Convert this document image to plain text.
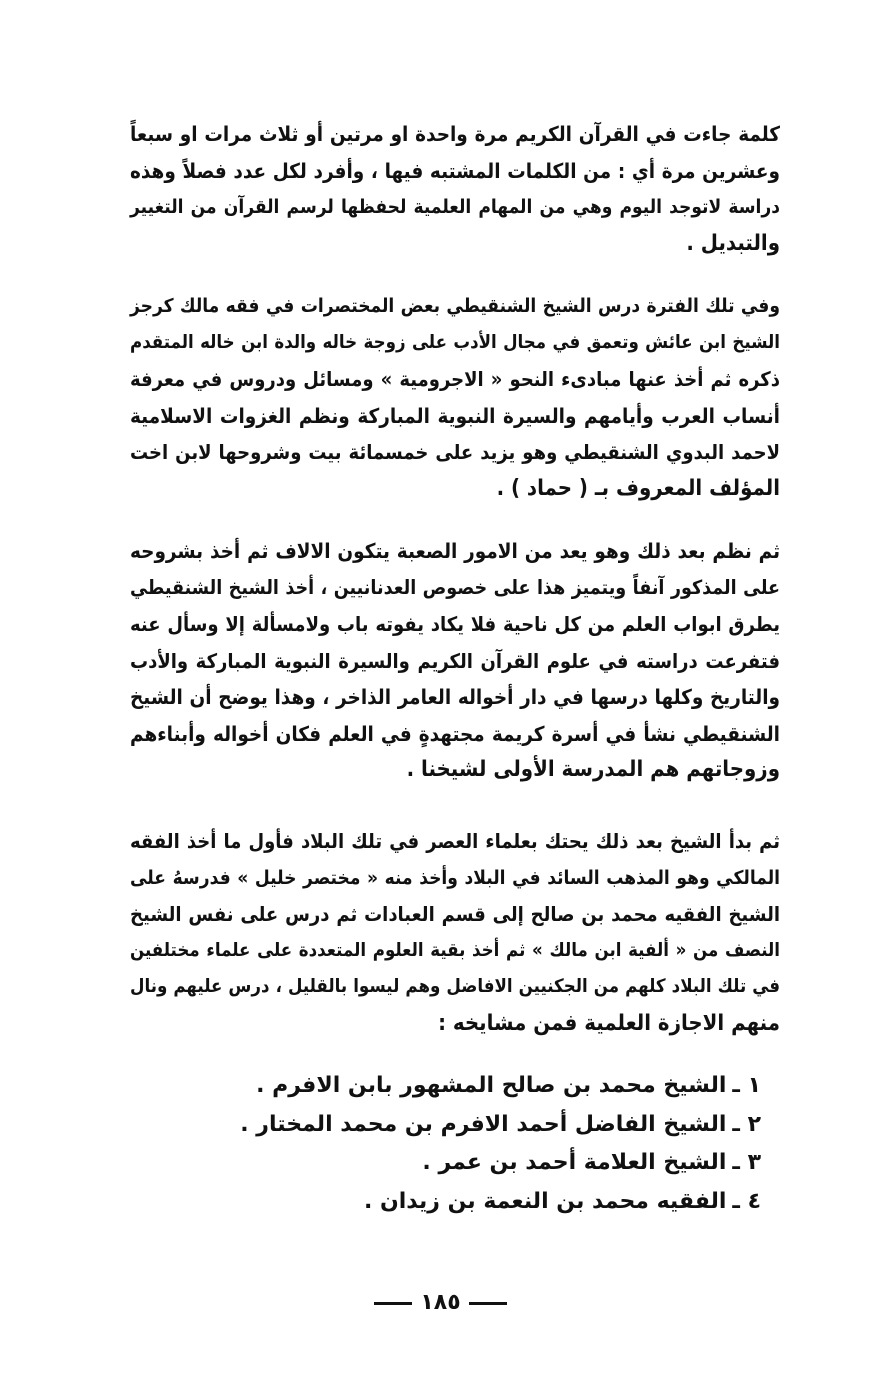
كلمة جاءت في القرآن الكريم مرة واحدة او مرتين أو ثلاث مرات او سبعاً
وعشرين مرة أي : من الكلمات المشتبه فيها ، وأفرد لكل عدد فصلاً وهذه
دراسة لاتوجد اليوم وهي من المهام العلمية لحفظها لرسم القرآن من التغيير
والتبديل .

وفي تلك الفترة درس الشيخ الشنقيطي بعض المختصرات في فقه مالك كرجز
الشيخ ابن عائش وتعمق في مجال الأدب على زوجة خاله والدة ابن خاله المتقدم
ذكره ثم أخذ عنها مبادىء النحو « الاجرومية » ومسائل ودروس في معرفة
أنساب العرب وأيامهم والسيرة النبوية المباركة ونظم الغزوات الاسلامية
لاحمد البدوي الشنقيطي وهو يزيد على خمسمائة بيت وشروحها لابن اخت
المؤلف المعروف بـ ( حماد ) .

ثم نظم بعد ذلك وهو يعد من الامور الصعبة يتكون الالاف ثم أخذ بشروحه
على المذكور آنفاً ويتميز هذا على خصوص العدنانيين ، أخذ الشيخ الشنقيطي
يطرق ابواب العلم من كل ناحية فلا يكاد يفوته باب ولامسألة إلا وسأل عنه
فتفرعت دراسته في علوم القرآن الكريم والسيرة النبوية المباركة والأدب
والتاريخ وكلها درسها في دار أخواله العامر الذاخر ، وهذا يوضح أن الشيخ
الشنقيطي نشأ في أسرة كريمة مجتهدةٍ في العلم فكان أخواله وأبناءهم
وزوجاتهم هم المدرسة الأولى لشيخنا .

ثم بدأ الشيخ بعد ذلك يحتك بعلماء العصر في تلك البلاد فأول ما أخذ الفقه
المالكي وهو المذهب السائد في البلاد وأخذ منه « مختصر خليل » فدرسهُ على
الشيخ الفقيه محمد بن صالح إلى قسم العبادات ثم درس على نفس الشيخ
النصف من « ألفية ابن مالك » ثم أخذ بقية العلوم المتعددة على علماء مختلفين
في تلك البلاد كلهم من الجكنيين الافاضل وهم ليسوا بالقليل ، درس عليهم ونال
منهم الاجازة العلمية فمن مشايخه :

١ ـالشيخ محمد بن صالح المشهور بابن الافرم .
٢ ـالشيخ الفاضل أحمد الافرم بن محمد المختار .
٣ ـالشيخ العلامة أحمد بن عمر .
٤ ـالفقيه محمد بن النعمة بن زيدان .
١٨٥
